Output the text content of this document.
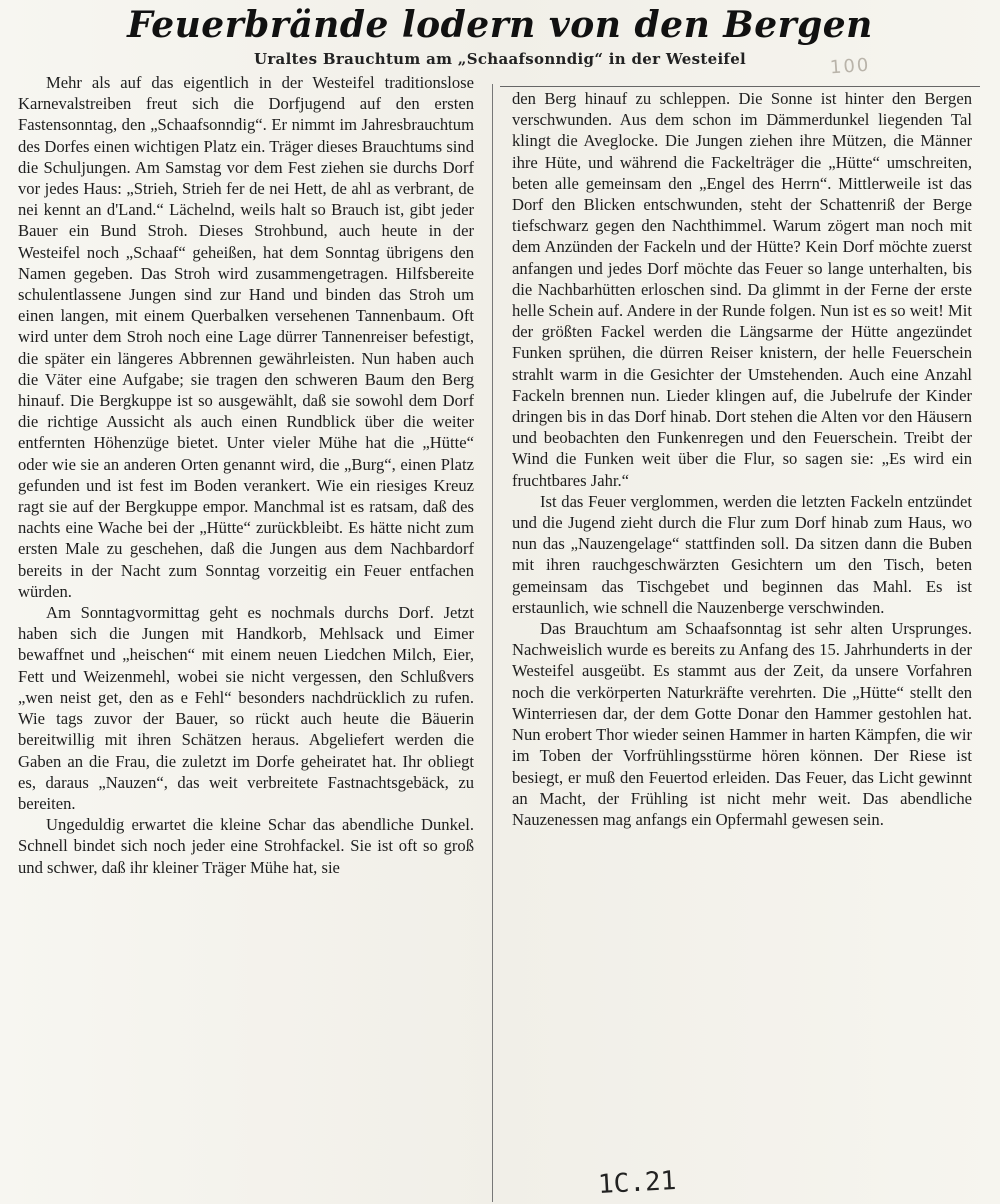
Feuerbrände lodern von den Bergen
Uraltes Brauchtum am „Schaafsonndig“ in der Westeifel	100

Mehr als auf das eigentlich in der Westeifel traditionslose Karnevalstreiben freut sich die Dorfjugend auf den ersten Fastensonntag, den „Schaafsonndig“. Er nimmt im Jahresbrauchtum des Dorfes einen wichtigen Platz ein. Träger dieses Brauchtums sind die Schuljungen. Am Samstag vor dem Fest ziehen sie durchs Dorf vor jedes Haus: „Strieh, Strieh fer de nei Hett, de ahl as verbrant, de nei kennt an d'Land.“ Lächelnd, weils halt so Brauch ist, gibt jeder Bauer ein Bund Stroh. Dieses Strohbund, auch heute in der Westeifel noch „Schaaf“ geheißen, hat dem Sonntag übrigens den Namen gegeben. Das Stroh wird zusammengetragen. Hilfsbereite schulentlassene Jungen sind zur Hand und binden das Stroh um einen langen, mit einem Querbalken versehenen Tannenbaum. Oft wird unter dem Stroh noch eine Lage dürrer Tannenreiser befestigt, die später ein längeres Abbrennen gewährleisten. Nun haben auch die Väter eine Aufgabe; sie tragen den schweren Baum den Berg hinauf. Die Bergkuppe ist so ausgewählt, daß sie sowohl dem Dorf die richtige Aussicht als auch einen Rundblick über die weiter entfernten Höhenzüge bietet. Unter vieler Mühe hat die „Hütte“ oder wie sie an anderen Orten genannt wird, die „Burg“, einen Platz gefunden und ist fest im Boden verankert. Wie ein riesiges Kreuz ragt sie auf der Bergkuppe empor. Manchmal ist es ratsam, daß des nachts eine Wache bei der „Hütte“ zurückbleibt. Es hätte nicht zum ersten Male zu geschehen, daß die Jungen aus dem Nachbardorf bereits in der Nacht zum Sonntag vorzeitig ein Feuer entfachen würden.

Am Sonntagvormittag geht es nochmals durchs Dorf. Jetzt haben sich die Jungen mit Handkorb, Mehlsack und Eimer bewaffnet und „heischen“ mit einem neuen Liedchen Milch, Eier, Fett und Weizenmehl, wobei sie nicht vergessen, den Schlußvers „wen neist get, den as e Fehl“ besonders nachdrücklich zu rufen. Wie tags zuvor der Bauer, so rückt auch heute die Bäuerin bereitwillig mit ihren Schätzen heraus. Abgeliefert werden die Gaben an die Frau, die zuletzt im Dorfe geheiratet hat. Ihr obliegt es, daraus „Nauzen“, das weit verbreitete Fastnachtsgebäck, zu bereiten.

Ungeduldig erwartet die kleine Schar das abendliche Dunkel. Schnell bindet sich noch jeder eine Strohfackel. Sie ist oft so groß und schwer, daß ihr kleiner Träger Mühe hat, sie

den Berg hinauf zu schleppen. Die Sonne ist hinter den Bergen verschwunden. Aus dem schon im Dämmerdunkel liegenden Tal klingt die Aveglocke. Die Jungen ziehen ihre Mützen, die Männer ihre Hüte, und während die Fackelträger die „Hütte“ umschreiten, beten alle gemeinsam den „Engel des Herrn“. Mittlerweile ist das Dorf den Blicken entschwunden, steht der Schattenriß der Berge tiefschwarz gegen den Nachthimmel. Warum zögert man noch mit dem Anzünden der Fackeln und der Hütte? Kein Dorf möchte zuerst anfangen und jedes Dorf möchte das Feuer so lange unterhalten, bis die Nachbarhütten erloschen sind. Da glimmt in der Ferne der erste helle Schein auf. Andere in der Runde folgen. Nun ist es so weit! Mit der größten Fackel werden die Längsarme der Hütte angezündet Funken sprühen, die dürren Reiser knistern, der helle Feuerschein strahlt warm in die Gesichter der Umstehenden. Auch eine Anzahl Fackeln brennen nun. Lieder klingen auf, die Jubelrufe der Kinder dringen bis in das Dorf hinab. Dort stehen die Alten vor den Häusern und beobachten den Funkenregen und den Feuerschein. Treibt der Wind die Funken weit über die Flur, so sagen sie: „Es wird ein fruchtbares Jahr.“

Ist das Feuer verglommen, werden die letzten Fackeln entzündet und die Jugend zieht durch die Flur zum Dorf hinab zum Haus, wo nun das „Nauzengelage“ stattfinden soll. Da sitzen dann die Buben mit ihren rauchgeschwärzten Gesichtern um den Tisch, beten gemeinsam das Tischgebet und beginnen das Mahl. Es ist erstaunlich, wie schnell die Nauzenberge verschwinden.

Das Brauchtum am Schaafsonntag ist sehr alten Ursprunges. Nachweislich wurde es bereits zu Anfang des 15. Jahrhunderts in der Westeifel ausgeübt. Es stammt aus der Zeit, da unsere Vorfahren noch die verkörperten Naturkräfte verehrten. Die „Hütte“ stellt den Winterriesen dar, der dem Gotte Donar den Hammer gestohlen hat. Nun erobert Thor wieder seinen Hammer in harten Kämpfen, die wir im Toben der Vorfrühlingsstürme hören können. Der Riese ist besiegt, er muß den Feuertod erleiden. Das Feuer, das Licht gewinnt an Macht, der Frühling ist nicht mehr weit. Das abendliche Nauzenessen mag anfangs ein Opfermahl gewesen sein.

1C.21
